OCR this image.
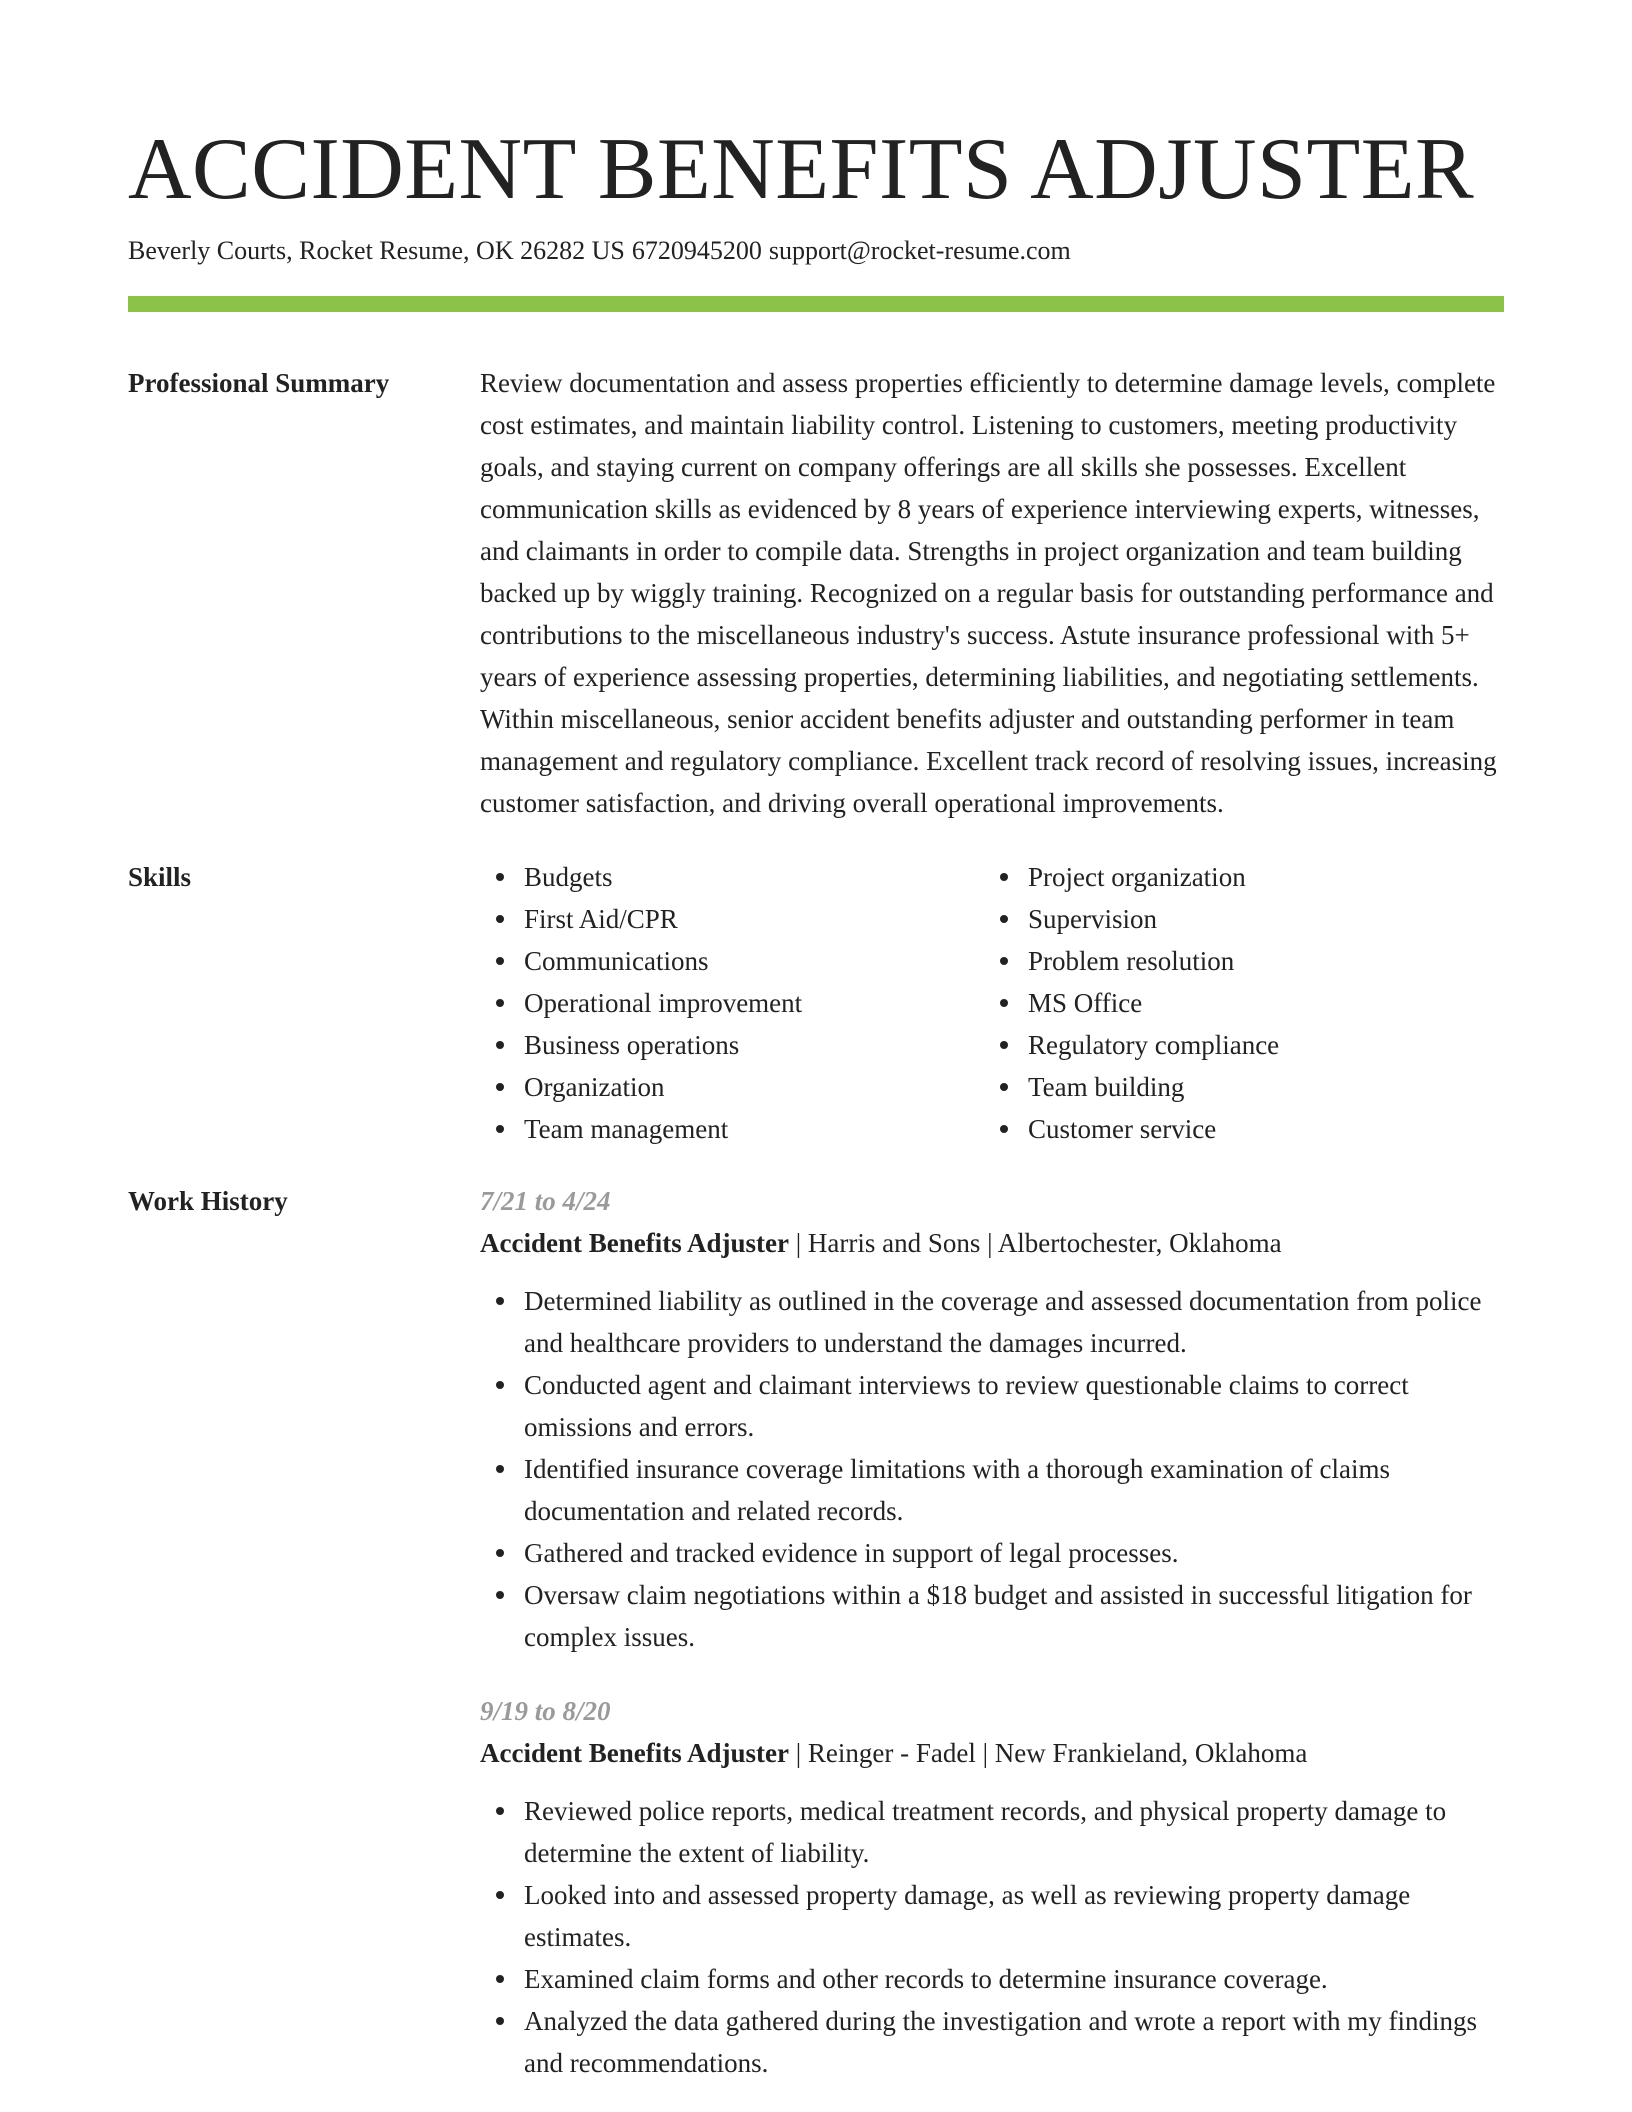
ACCIDENT BENEFITS ADJUSTER
Beverly Courts, Rocket Resume, OK 26282 US 6720945200 support@rocket-resume.com
Professional Summary	Review documentation and assess properties efficiently to determine damage levels, complete cost estimates, and maintain liability control. Listening to customers, meeting productivity goals, and staying current on company offerings are all skills she possesses. Excellent communication skills as evidenced by 8 years of experience interviewing experts, witnesses, and claimants in order to compile data. Strengths in project organization and team building backed up by wiggly training. Recognized on a regular basis for outstanding performance and contributions to the miscellaneous industry's success. Astute insurance professional with 5+ years of experience assessing properties, determining liabilities, and negotiating settlements. Within miscellaneous, senior accident benefits adjuster and outstanding performer in team management and regulatory compliance. Excellent track record of resolving issues, increasing customer satisfaction, and driving overall operational improvements.

Skills	Budgets
First Aid/CPR
Communications
Operational improvement
Business operations
Organization
Team management
Project organization
Supervision
Problem resolution
MS Office
Regulatory compliance
Team building
Customer service
Work History	7/21 to 4/24
Accident Benefits Adjuster | Harris and Sons | Albertochester, Oklahoma
Determined liability as outlined in the coverage and assessed documentation from police and healthcare providers to understand the damages incurred.
Conducted agent and claimant interviews to review questionable claims to correct omissions and errors.
Identified insurance coverage limitations with a thorough examination of claims documentation and related records.
Gathered and tracked evidence in support of legal processes.
Oversaw claim negotiations within a $18 budget and assisted in successful litigation for complex issues.
9/19 to 8/20
Accident Benefits Adjuster | Reinger - Fadel | New Frankieland, Oklahoma
Reviewed police reports, medical treatment records, and physical property damage to determine the extent of liability.
Looked into and assessed property damage, as well as reviewing property damage estimates.
Examined claim forms and other records to determine insurance coverage.
Analyzed the data gathered during the investigation and wrote a report with my findings and recommendations.
